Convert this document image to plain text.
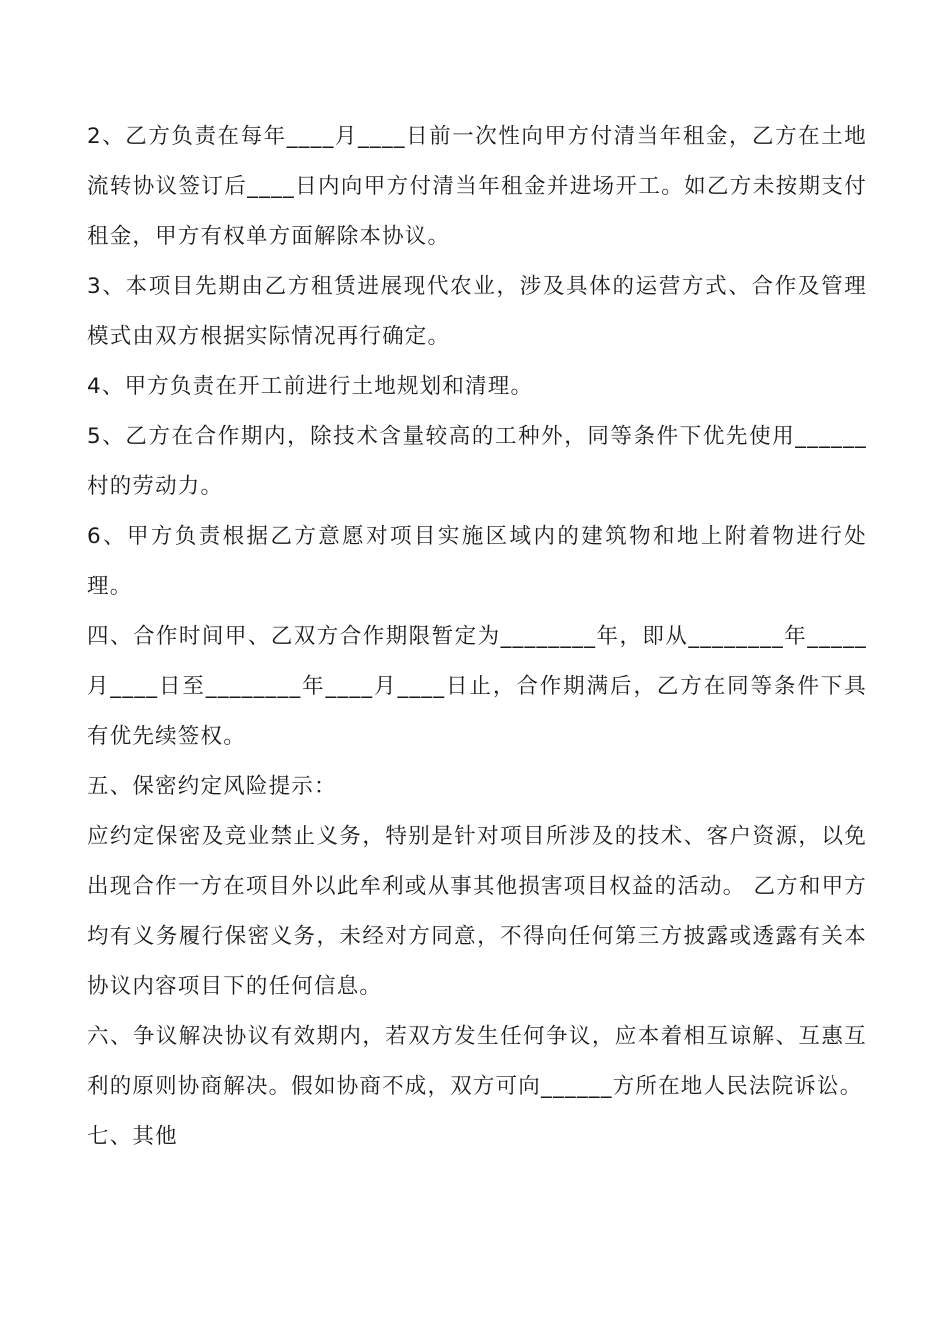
2、乙方负责在每年____月____日前一次性向甲方付清当年租金，乙方在土地流转协议签订后____日内向甲方付清当年租金并进场开工。如乙方未按期支付租金，甲方有权单方面解除本协议。

3、本项目先期由乙方租赁进展现代农业，涉及具体的运营方式、合作及管理模式由双方根据实际情况再行确定。

4、甲方负责在开工前进行土地规划和清理。

5、乙方在合作期内，除技术含量较高的工种外，同等条件下优先使用______村的劳动力。

6、甲方负责根据乙方意愿对项目实施区域内的建筑物和地上附着物进行处理。

四、合作时间甲、乙双方合作期限暂定为________年，即从________年_____月____日至________年____月____日止，合作期满后，乙方在同等条件下具有优先续签权。

五、保密约定风险提示：

应约定保密及竞业禁止义务，特别是针对项目所涉及的技术、客户资源，以免出现合作一方在项目外以此牟利或从事其他损害项目权益的活动。 乙方和甲方均有义务履行保密义务，未经对方同意，不得向任何第三方披露或透露有关本协议内容项目下的任何信息。

六、争议解决协议有效期内，若双方发生任何争议，应本着相互谅解、互惠互利的原则协商解决。假如协商不成，双方可向______方所在地人民法院诉讼。

七、其他
